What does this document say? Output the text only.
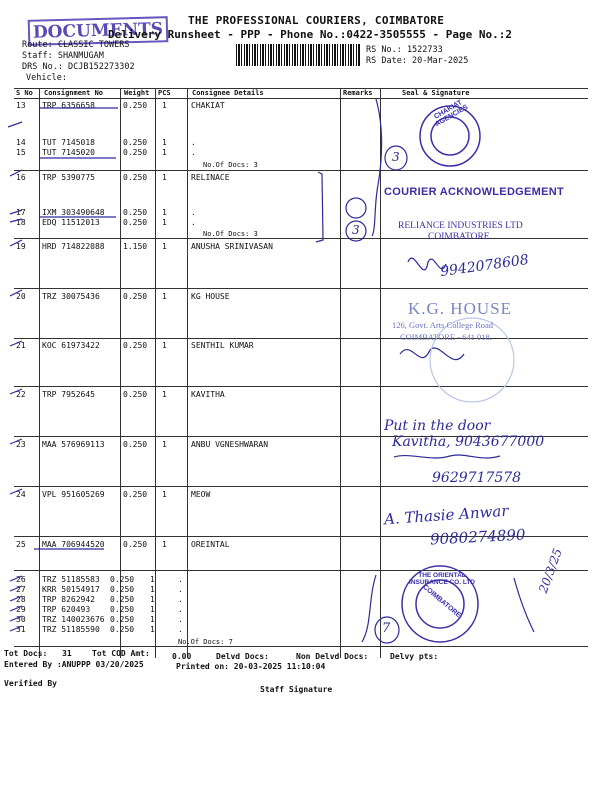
THE PROFESSIONAL COURIERS, COIMBATORE
DOCUMENTS
Delivery Runsheet - PPP - Phone No.:0422-3505555 - Page No.:2
Route: CLASSIC TOWERS
Staff: SHANMUGAM
DRS No.: DCJB152273302
Vehicle:
RS No.: 1522733
RS Date: 20-Mar-2025
S No Consignment No	Weight PCS	Consignee Details	Remarks	Seal & Signature
13 TRP 6356658	0.250 1	CHAKIAT
14 TUT 7145018	0.250 1	.
15 TUT 7145020	0.250 1	.
No.Of Docs: 3
16 TRP 5390775	0.250 1	RELINACE
17 IXM 303490648 0.250 1	.
18 EDQ 11512013	0.250 1	.
No.Of Docs: 3
19 HRD 714822088 1.150 1	ANUSHA SRINIVASAN
20 TRZ 30075436	0.250 1	KG HOUSE
21 KOC 61973422	0.250 1	SENTHIL KUMAR
22 TRP 7952645	0.250 1	KAVITHA
23 MAA 576969113 0.250 1	ANBU VGNESHWARAN
24 VPL 951605269 0.250 1	MEOW
25 MAA 706944520 0.250 1	OREINTAL
26 TRZ 51185583 0.250 1	.
27 KRR 50154917 0.250 1	.
28 TRP 8262942 0.250 1	.
29 TRP 620493 0.250 1	.
30 TRZ 140023676 0.250 1	.
31 TRZ 51185590 0.250 1	.
No.Of Docs: 7
3
3
7
CHAKIAT AGENCIES
COURIER ACKNOWLEDGEMENT
RELIANCE INDUSTRIES LTD
COIMBATORE
K.G. HOUSE
126, Govt. Arts College Road
COIMBATORE - 641 018.
THE ORIENTAL INSURANCE CO. LTD
COIMBATORE
9942078608
Put in the door
Kavitha, 9043677000
9629717578
A. Thasie Anwar
9080274890
20/3/25
Tot Docs: 31	Tot COD Amt:	0.00	Delvd Docs:	Non Delvd Docs:	Delvy pts:
Entered By :ANUPPP 03/20/2025	Printed on: 20-03-2025 11:10:04
Verified By
Staff Signature
